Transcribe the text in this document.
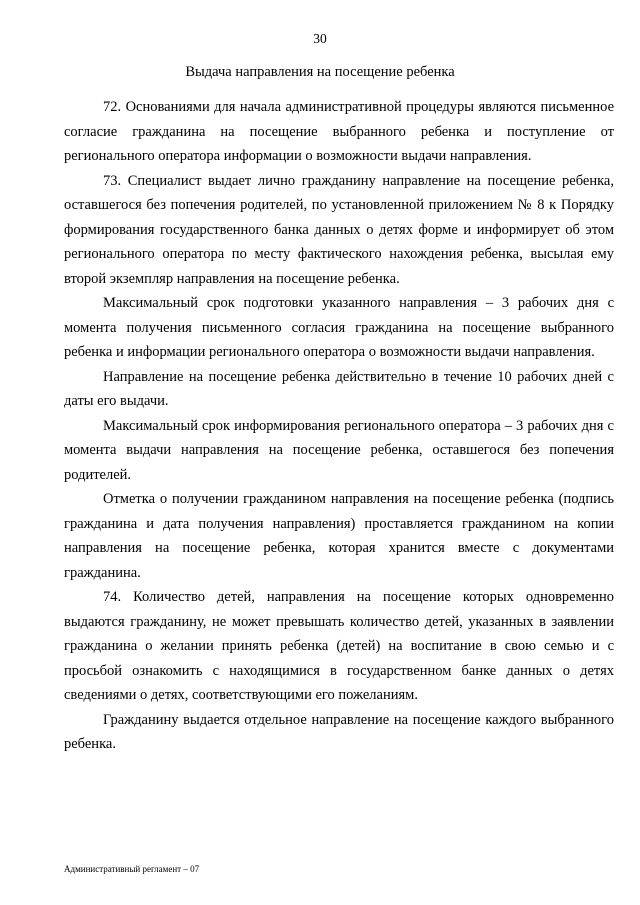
30
Выдача направления на посещение ребенка

72. Основаниями для начала административной процедуры являются письменное согласие гражданина на посещение выбранного ребенка и поступление от регионального оператора информации о возможности выдачи направления.

73. Специалист выдает лично гражданину направление на посещение ребенка, оставшегося без попечения родителей, по установленной приложением № 8 к Порядку формирования государственного банка данных о детях форме и информирует об этом регионального оператора по месту фактического нахождения ребенка, высылая ему второй экземпляр направления на посещение ребенка.

Максимальный срок подготовки указанного направления – 3 рабочих дня с момента получения письменного согласия гражданина на посещение выбранного ребенка и информации регионального оператора о возможности выдачи направления.

Направление на посещение ребенка действительно в течение 10 рабочих дней с даты его выдачи.

Максимальный срок информирования регионального оператора – 3 рабочих дня с момента выдачи направления на посещение ребенка, оставшегося без попечения родителей.

Отметка о получении гражданином направления на посещение ребенка (подпись гражданина и дата получения направления) проставляется гражданином на копии направления на посещение ребенка, которая хранится вместе с документами гражданина.

74. Количество детей, направления на посещение которых одновременно выдаются гражданину, не может превышать количество детей, указанных в заявлении гражданина о желании принять ребенка (детей) на воспитание в свою семью и с просьбой ознакомить с находящимися в государственном банке данных о детях сведениями о детях, соответствующими его пожеланиям.

Гражданину выдается отдельное направление на посещение каждого выбранного ребенка.

Административный регламент – 07
